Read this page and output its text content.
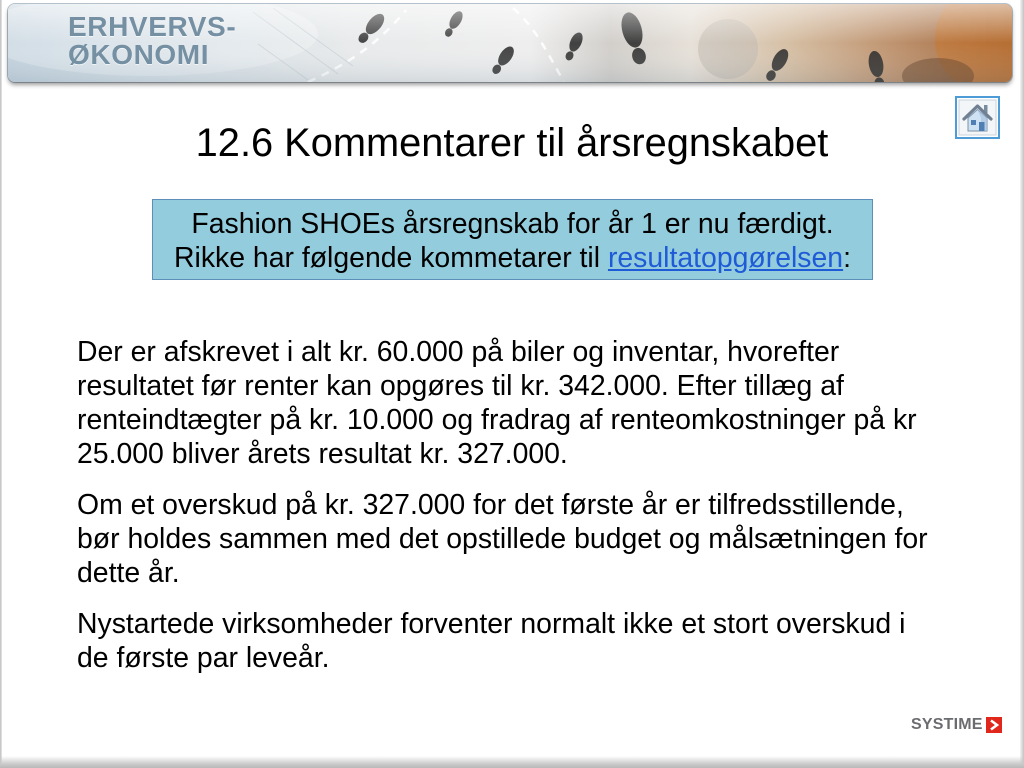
ERHVERVS-
ØKONOMI
12.6 Kommentarer til årsregnskabet
Fashion SHOEs årsregnskab for år 1 er nu færdigt.
Rikke har følgende kommetarer til resultatopgørelsen:
Der er afskrevet i alt kr. 60.000 på biler og inventar, hvorefter
resultatet før renter kan opgøres til kr. 342.000. Efter tillæg af
renteindtægter på kr. 10.000 og fradrag af renteomkostninger på kr
25.000 bliver årets resultat kr. 327.000.
Om et overskud på kr. 327.000 for det første år er tilfredsstillende,
bør holdes sammen med det opstillede budget og målsætningen for
dette år.
Nystartede virksomheder forventer normalt ikke et stort overskud i
de første par leveår.
SYSTIME
